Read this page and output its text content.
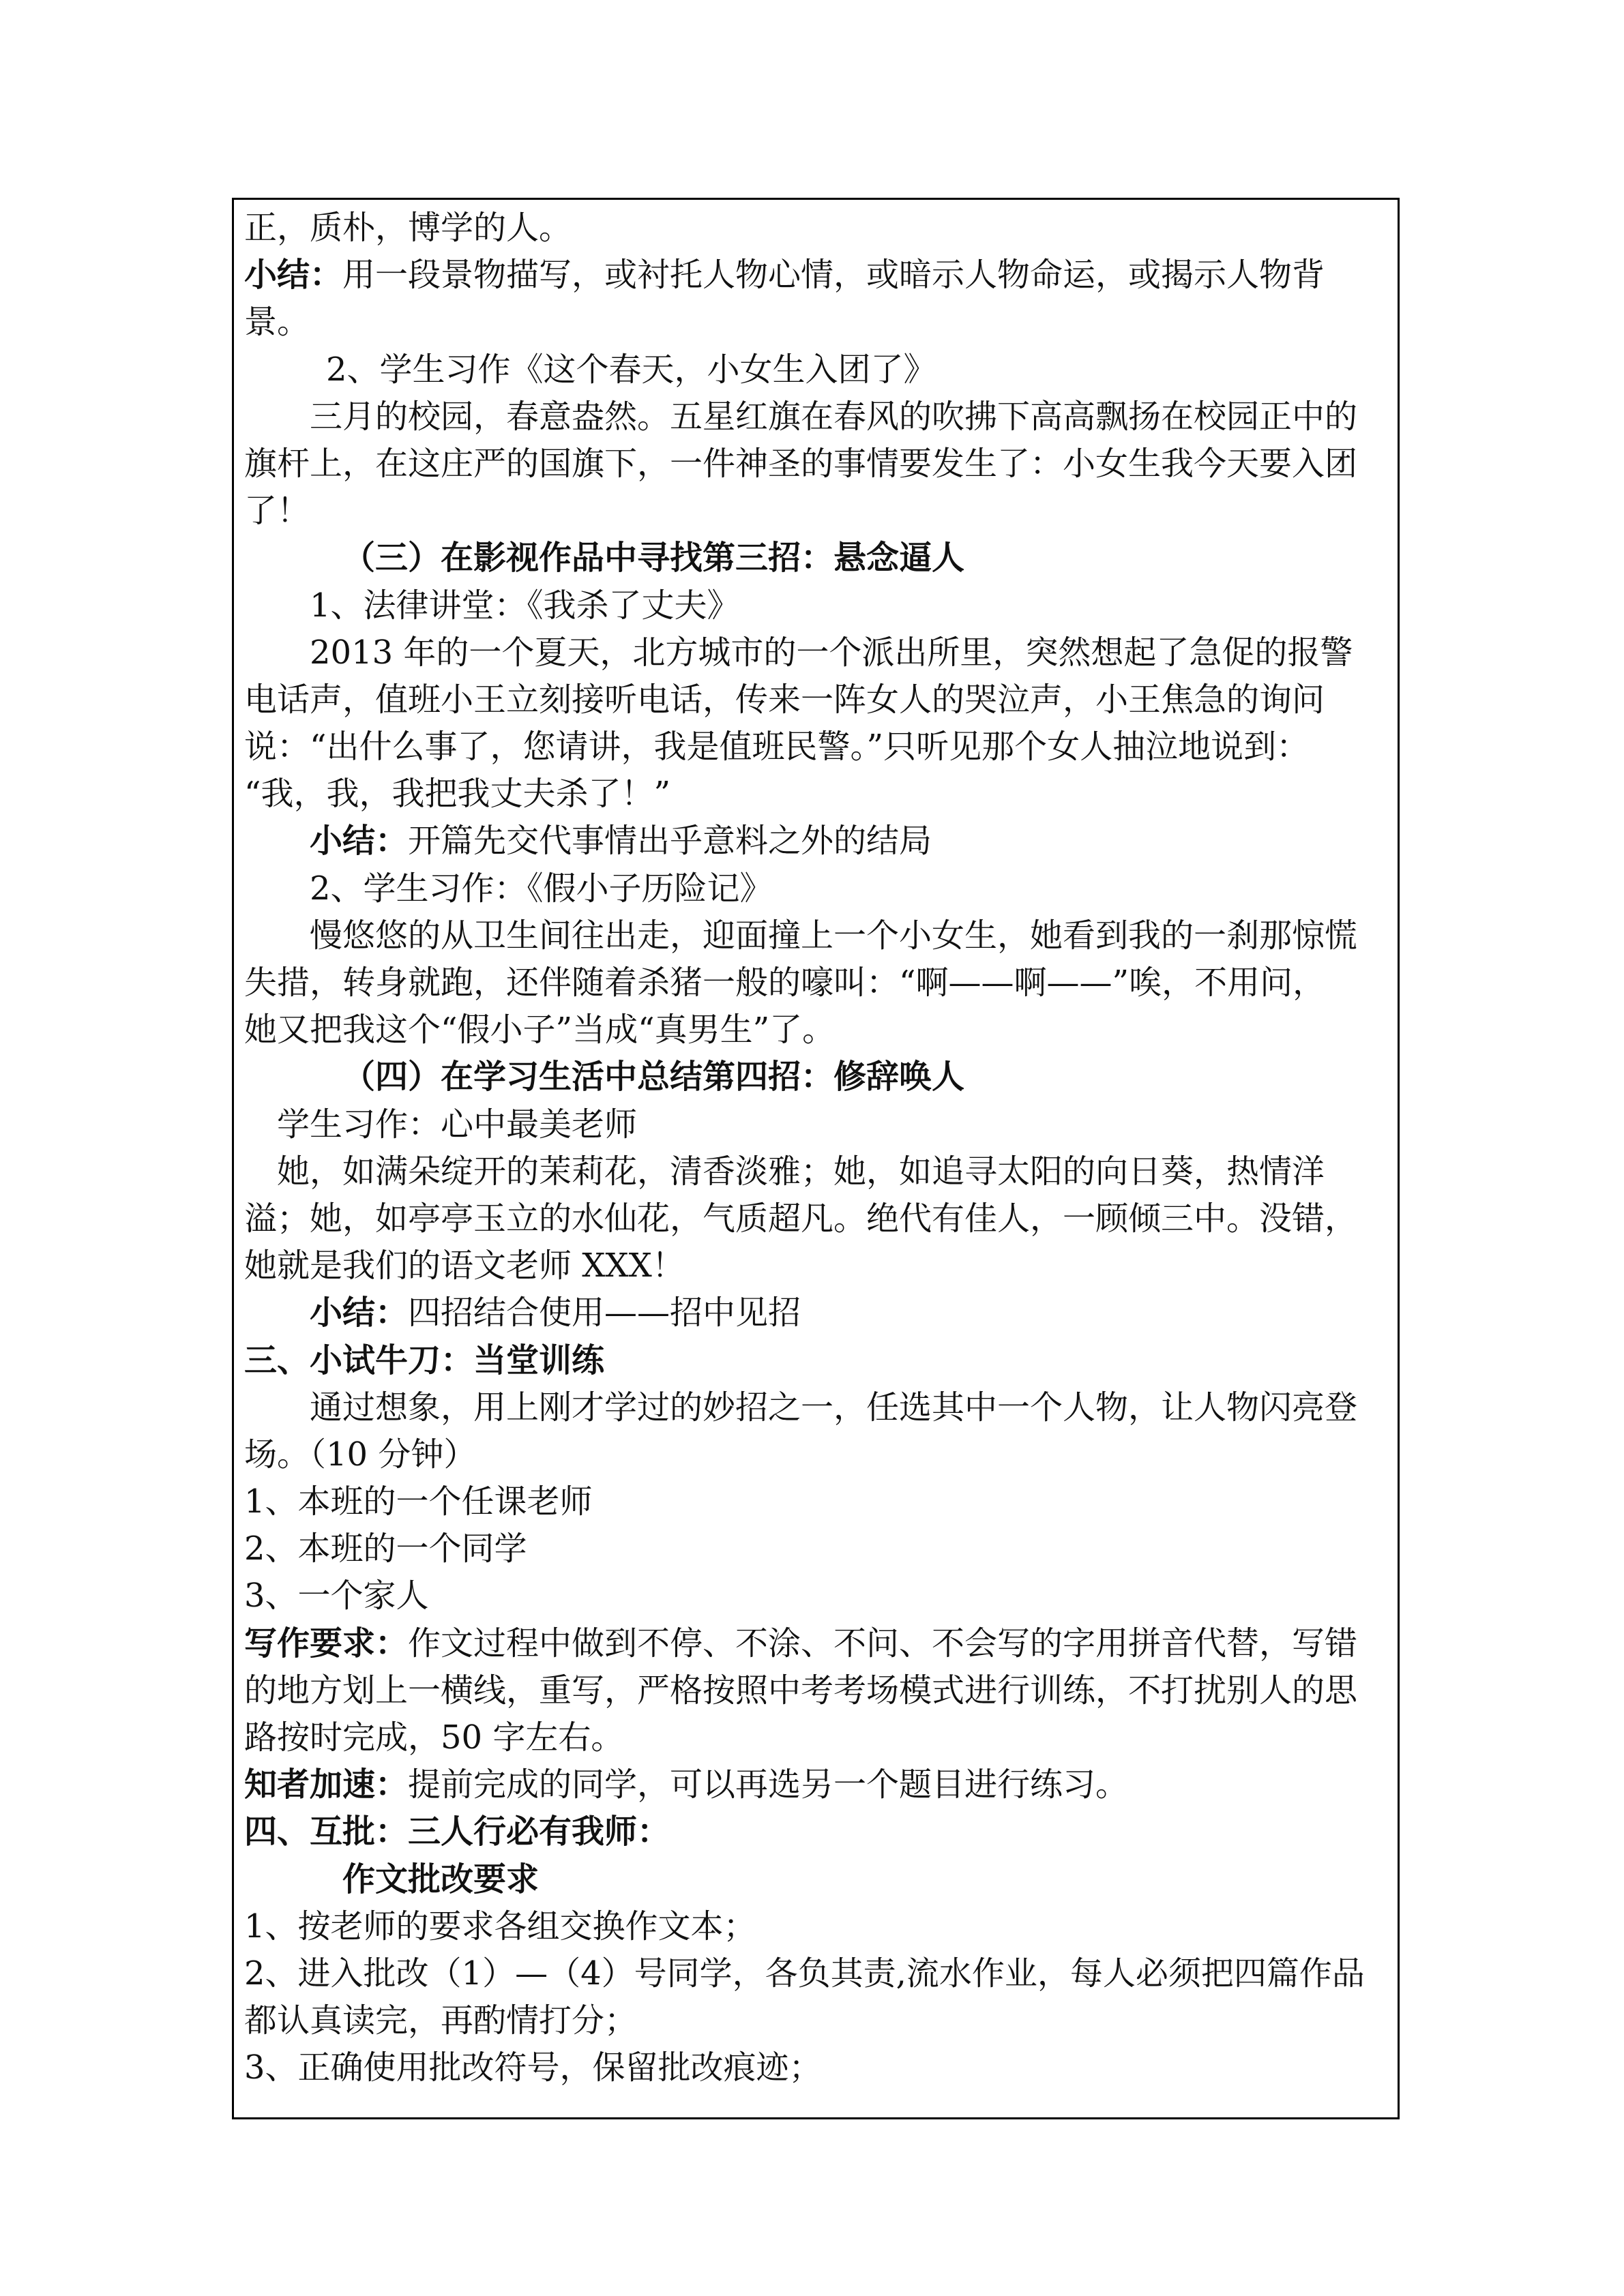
正，质朴，博学的人。
小结：用一段景物描写，或衬托人物心情，或暗示人物命运，或揭示人物背
景。
2、学生习作《这个春天，小女生入团了》
三月的校园，春意盎然。五星红旗在春风的吹拂下高高飘扬在校园正中的
旗杆上，在这庄严的国旗下，一件神圣的事情要发生了：小女生我今天要入团
了！
（三）在影视作品中寻找第三招：悬念逼人
1、法律讲堂：《我杀了丈夫》
2013 年的一个夏天，北方城市的一个派出所里，突然想起了急促的报警
电话声，值班小王立刻接听电话，传来一阵女人的哭泣声，小王焦急的询问
说：“出什么事了，您请讲，我是值班民警。”只听见那个女人抽泣地说到：
“我，我，我把我丈夫杀了！”
小结：开篇先交代事情出乎意料之外的结局
2、学生习作：《假小子历险记》
慢悠悠的从卫生间往出走，迎面撞上一个小女生，她看到我的一刹那惊慌
失措，转身就跑，还伴随着杀猪一般的嚎叫：“啊——啊——”唉，不用问，
她又把我这个“假小子”当成“真男生”了。
（四）在学习生活中总结第四招：修辞唤人
学生习作：心中最美老师
她，如满朵绽开的茉莉花，清香淡雅；她，如追寻太阳的向日葵，热情洋
溢；她，如亭亭玉立的水仙花，气质超凡。绝代有佳人，一顾倾三中。没错，
她就是我们的语文老师 XXX！
小结：四招结合使用——招中见招
三、小试牛刀：当堂训练
通过想象，用上刚才学过的妙招之一，任选其中一个人物，让人物闪亮登
场。（10 分钟）
1、本班的一个任课老师
2、本班的一个同学
3、一个家人
写作要求：作文过程中做到不停、不涂、不问、不会写的字用拼音代替，写错
的地方划上一横线，重写，严格按照中考考场模式进行训练，不打扰别人的思
路按时完成，50 字左右。
知者加速：提前完成的同学，可以再选另一个题目进行练习。
四、互批：三人行必有我师：
作文批改要求
1、按老师的要求各组交换作文本；
2、进入批改（1）—（4）号同学，各负其责,流水作业，每人必须把四篇作品
都认真读完，再酌情打分；
3、正确使用批改符号，保留批改痕迹；
